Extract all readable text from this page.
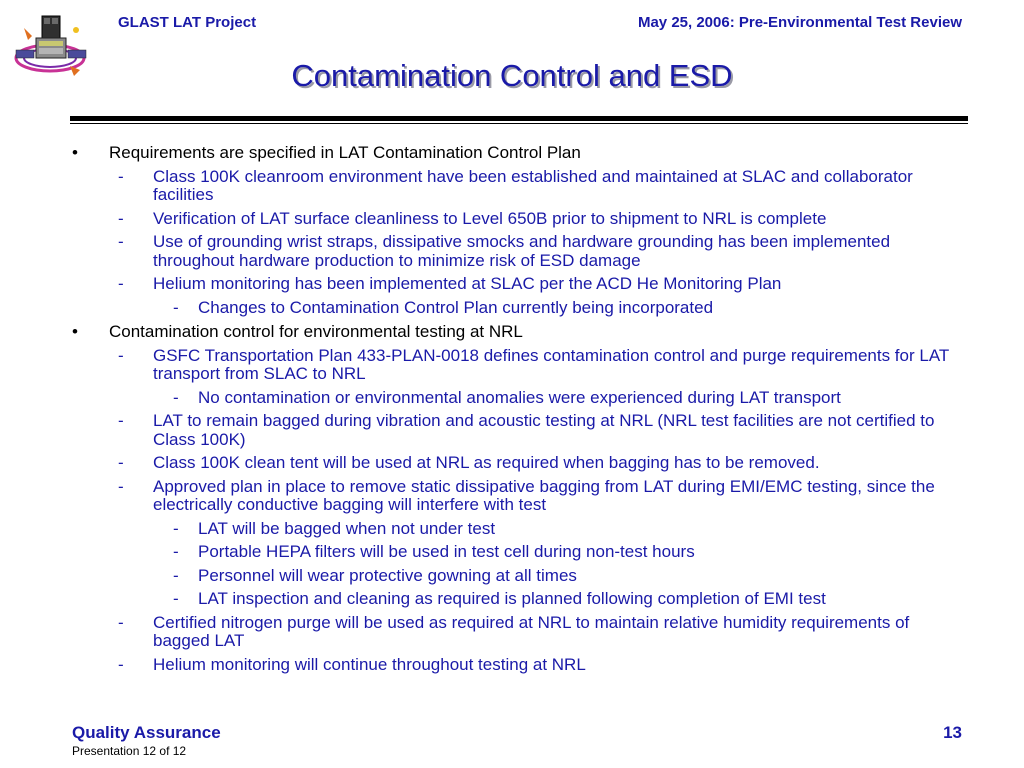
GLAST LAT Project	May 25, 2006: Pre-Environmental Test Review
Contamination Control and ESD
• Requirements are specified in LAT Contamination Control Plan
- Class 100K cleanroom environment have been established and maintained at SLAC and collaborator facilities
- Verification of LAT surface cleanliness to Level 650B prior to shipment to NRL is complete
- Use of grounding wrist straps, dissipative smocks and hardware grounding has been implemented throughout hardware production to minimize risk of ESD damage
- Helium monitoring has been implemented at SLAC per the ACD He Monitoring Plan
- Changes to Contamination Control Plan currently being incorporated
• Contamination control for environmental testing at NRL
- GSFC Transportation Plan 433-PLAN-0018 defines contamination control and purge requirements for LAT transport from SLAC to NRL
- No contamination or environmental anomalies were experienced during LAT transport
- LAT to remain bagged during vibration and acoustic testing at NRL (NRL test facilities are not certified to Class 100K)
- Class 100K clean tent will be used at NRL as required when bagging has to be removed.
- Approved plan in place to remove static dissipative bagging from LAT during EMI/EMC testing, since the electrically conductive bagging will interfere with test
- LAT will be bagged when not under test
- Portable HEPA filters will be used in test cell during non-test hours
- Personnel will wear protective gowning at all times
- LAT inspection and cleaning as required is planned following completion of EMI test
- Certified nitrogen purge will be used as required at NRL to maintain relative humidity requirements of bagged LAT
- Helium monitoring will continue throughout testing at NRL
Quality Assurance
Presentation 12 of 12
13
